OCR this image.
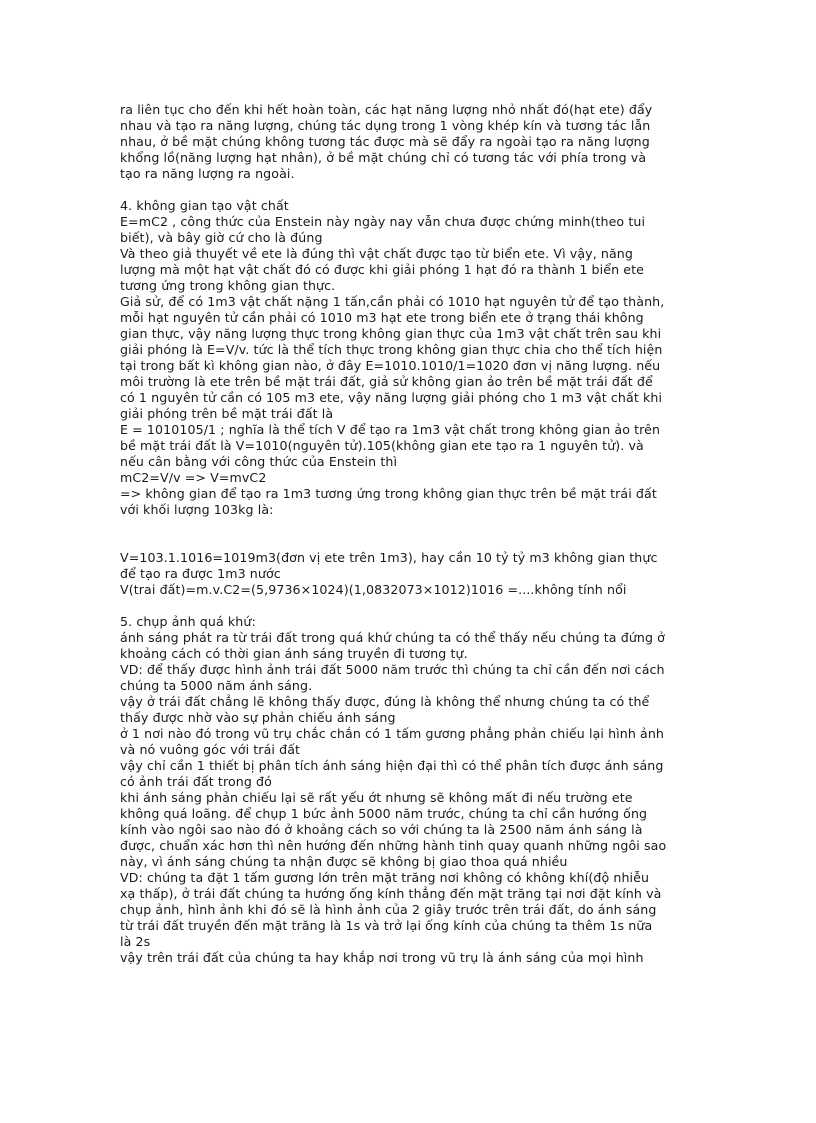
ra liên tục cho đến khi hết hoàn toàn, các hạt năng lượng nhỏ nhất đó(hạt ete) đẩy
nhau và tạo ra năng lượng, chúng tác dụng trong 1 vòng khép kín và tương tác lẫn
nhau, ở bề mặt chúng không tương tác được mà sẽ đẩy ra ngoài tạo ra năng lượng
khổng lồ(năng lượng hạt nhân), ở bề mặt chúng chỉ có tương tác với phía trong và
tạo ra năng lượng ra ngoài.
4. không gian tạo vật chất
E=mC2 , công thức của Enstein này ngày nay vẫn chưa được chứng minh(theo tui
biết), và bây giờ cứ cho là đúng
Và theo giả thuyết về ete là đúng thì vật chất được tạo từ biển ete. Vì vậy, năng
lượng mà một hạt vật chất đó có được khi giải phóng 1 hạt đó ra thành 1 biển ete
tương ứng trong không gian thực.
Giả sử, để có 1m3 vật chất nặng 1 tấn,cần phải có 1010 hạt nguyên tử để tạo thành,
mỗi hạt nguyên tử cần phải có 1010 m3 hạt ete trong biển ete ở trạng thái không
gian thực, vậy năng lượng thực trong không gian thực của 1m3 vật chất trên sau khi
giải phóng là E=V/v. tức là thể tích thực trong không gian thực chia cho thể tích hiện
tại trong bất kì không gian nào, ở đây E=1010.1010/1=1020 đơn vị năng lượng. nếu
môi trường là ete trên bề mặt trái đất, giả sử không gian ảo trên bề mặt trái đất để
có 1 nguyên tử cần có 105 m3 ete, vậy năng lượng giải phóng cho 1 m3 vật chất khi
giải phóng trên bề mặt trái đất là
E = 1010105/1 ; nghĩa là thể tích V để tạo ra 1m3 vật chất trong không gian ảo trên
bề mặt trái đất là V=1010(nguyên tử).105(không gian ete tạo ra 1 nguyên tử). và
nếu cân bằng với công thức của Enstein thì
mC2=V/v => V=mvC2
=> không gian để tạo ra 1m3 tương ứng trong không gian thực trên bề mặt trái đất
với khối lượng 103kg là:
V=103.1.1016=1019m3(đơn vị ete trên 1m3), hay cần 10 tỷ tỷ m3 không gian thực
để tạo ra được 1m3 nước
V(trai đất)=m.v.C2=(5,9736×1024)(1,0832073×1012)1016 =....không tính nổi
5. chụp ảnh quá khứ:
ánh sáng phát ra từ trái đất trong quá khứ chúng ta có thể thấy nếu chúng ta đứng ở
khoảng cách có thời gian ánh sáng truyền đi tương tự.
VD: để thấy được hình ảnh trái đất 5000 năm trước thì chúng ta chỉ cần đến nơi cách
chúng ta 5000 năm ánh sáng.
vậy ở trái đất chẳng lẽ không thấy được, đúng là không thể nhưng chúng ta có thể
thấy được nhờ vào sự phản chiếu ánh sáng
ở 1 nơi nào đó trong vũ trụ chắc chắn có 1 tấm gương phẳng phản chiếu lại hình ảnh
và nó vuông góc với trái đất
vậy chỉ cần 1 thiết bị phân tích ánh sáng hiện đại thì có thể phân tích được ánh sáng
có ảnh trái đất trong đó
khi ánh sáng phản chiếu lại sẽ rất yếu ớt nhưng sẽ không mất đi nếu trường ete
không quá loãng. để chụp 1 bức ảnh 5000 năm trước, chúng ta chỉ cần hướng ống
kính vào ngôi sao nào đó ở khoảng cách so với chúng ta là 2500 năm ánh sáng là
được, chuẩn xác hơn thì nên hướng đến những hành tinh quay quanh những ngôi sao
này, vì ánh sáng chúng ta nhận được sẽ không bị giao thoa quá nhiều
VD: chúng ta đặt 1 tấm gương lớn trên mặt trăng nơi không có không khí(độ nhiễu
xạ thấp), ở trái đất chúng ta hướng ống kính thẳng đến mặt trăng tại nơi đặt kính và
chụp ảnh, hình ảnh khi đó sẽ là hình ảnh của 2 giây trước trên trái đất, do ánh sáng
từ trái đất truyền đến mặt trăng là 1s và trở lại ống kính của chúng ta thêm 1s nữa
là 2s
vậy trên trái đất của chúng ta hay khắp nơi trong vũ trụ là ánh sáng của mọi hình
